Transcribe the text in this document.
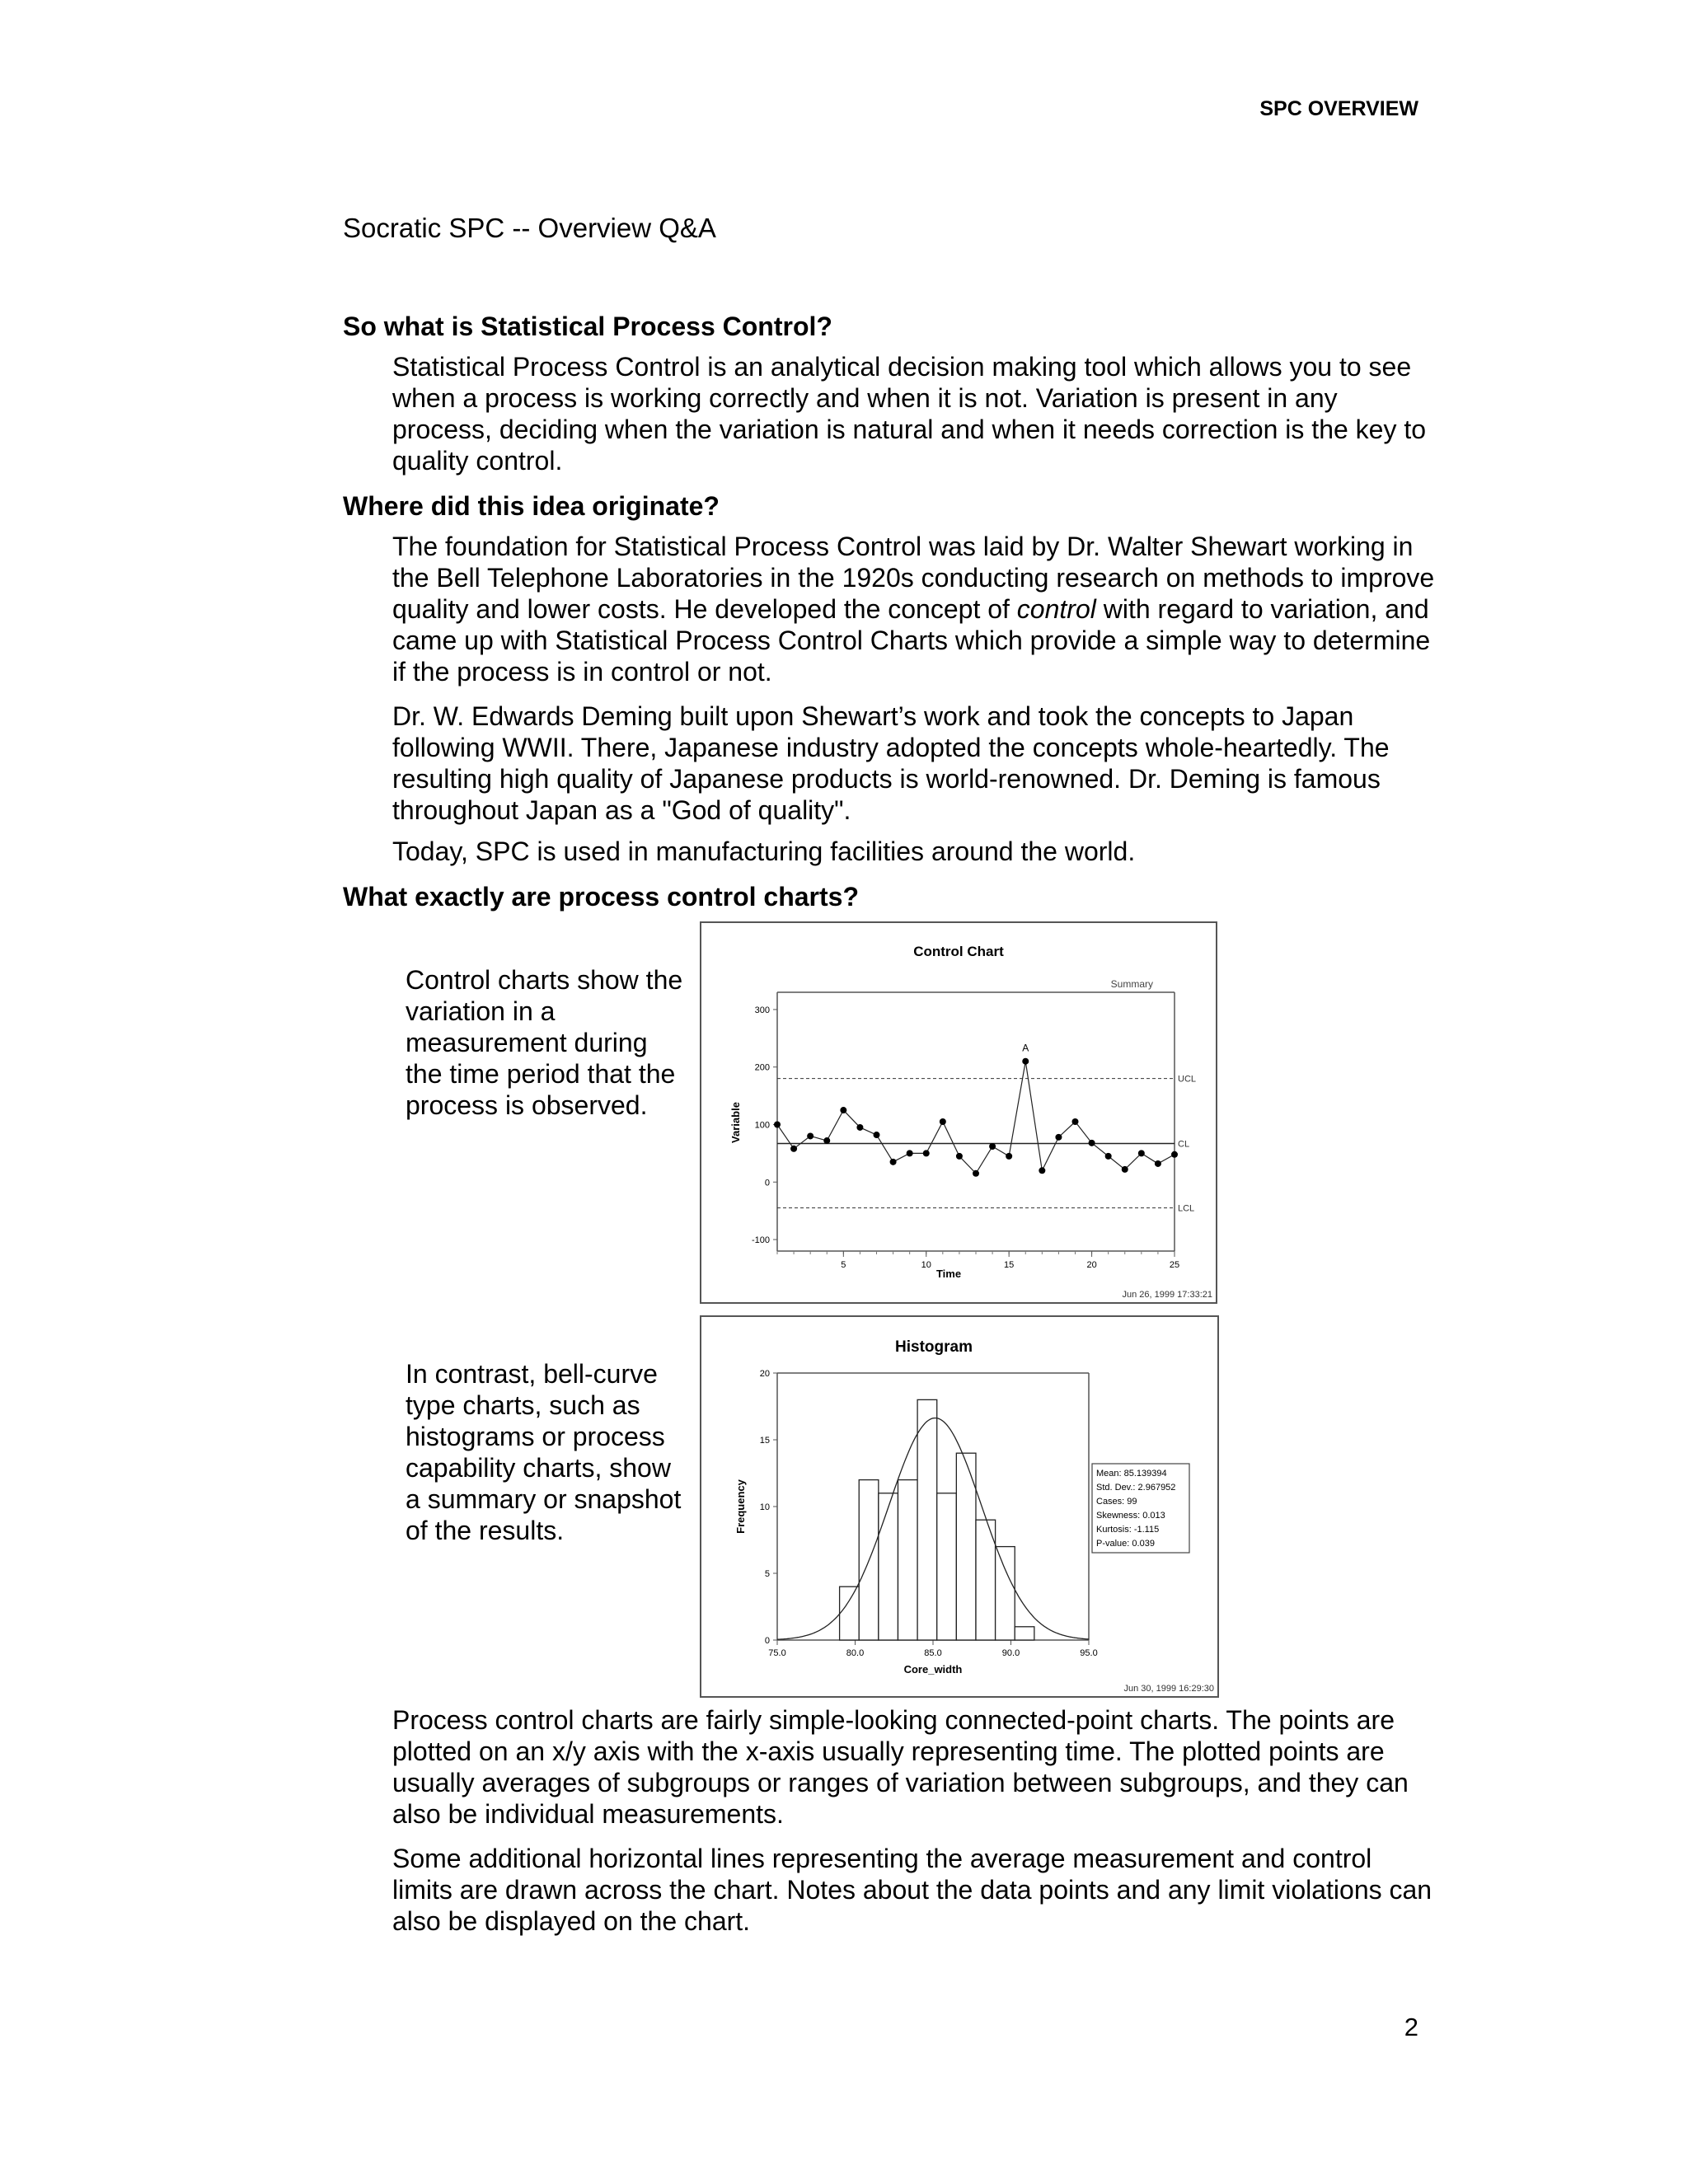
SPC OVERVIEW
Socratic SPC -- Overview Q&A
So what is Statistical Process Control?

Statistical Process Control is an analytical decision making tool which allows you to see when a process is working correctly and when it is not. Variation is present in any process, deciding when the variation is natural and when it needs correction is the key to quality control.

Where did this idea originate?

The foundation for Statistical Process Control was laid by Dr. Walter Shewart working in the Bell Telephone Laboratories in the 1920s conducting research on methods to improve quality and lower costs. He developed the concept of control with regard to variation, and came up with Statistical Process Control Charts which provide a simple way to determine if the process is in control or not.

Dr. W. Edwards Deming built upon Shewart’s work and took the concepts to Japan following WWII. There, Japanese industry adopted the concepts whole-heartedly. The resulting high quality of Japanese products is world-renowned. Dr. Deming is famous throughout Japan as a "God of quality".

Today, SPC is used in manufacturing facilities around the world.

What exactly are process control charts?

Control charts show the variation in a measurement during the time period that the process is observed.

In contrast, bell-curve type charts, such as histograms or process capability charts, show a summary or snapshot of the results.

Control Chart
Summary
Time
Variable
Jun 26, 1999 17:33:21
-100
0
100
200
300
5	10	15	20	25
UCL
LCL
CL
A
Histogram
Core_width
Frequency
Jun 30, 1999 16:29:30
Mean: 85.139394
Std. Dev.: 2.967952
Cases: 99
Skewness: 0.013
Kurtosis: -1.115
P-value: 0.039
0
5
10
15
20
75.0	80.0	85.0	90.0	95.0

Process control charts are fairly simple-looking connected-point charts. The points are plotted on an x/y axis with the x-axis usually representing time. The plotted points are usually averages of subgroups or ranges of variation between subgroups, and they can also be individual measurements.

Some additional horizontal lines representing the average measurement and control limits are drawn across the chart. Notes about the data points and any limit violations can also be displayed on the chart.

2
